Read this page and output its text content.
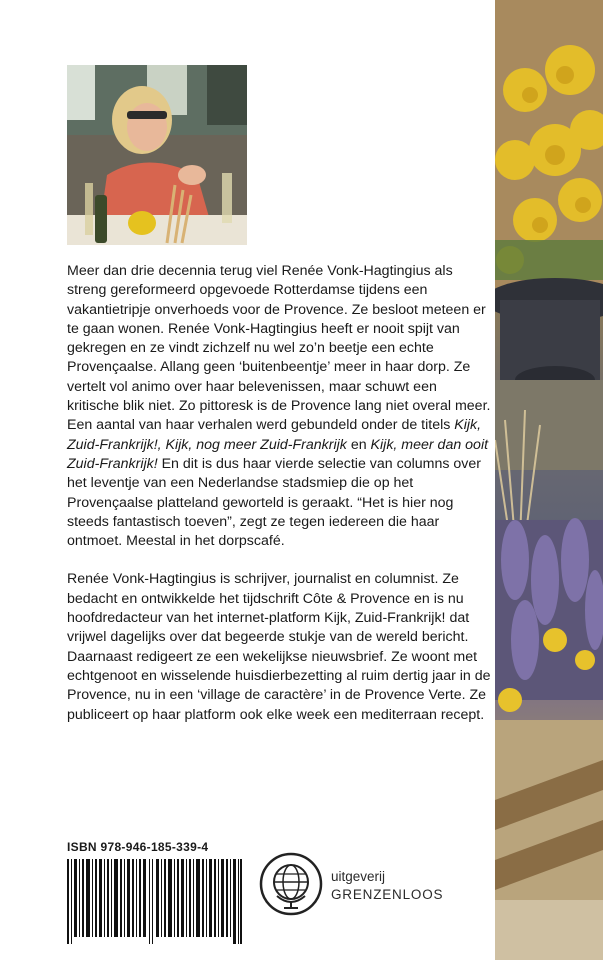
Meer dan drie decennia terug viel Renée Vonk-Hagtingius als streng gereformeerd opgevoede Rotterdamse tijdens een vakantietripje onverhoeds voor de Provence. Ze besloot meteen er te gaan wonen. Renée Vonk-Hagtingius heeft er nooit spijt van gekregen en ze vindt zichzelf nu wel zo’n beetje een echte Provençaalse. Allang geen ‘buitenbeentje’ meer in haar dorp. Ze vertelt vol animo over haar belevenissen, maar schuwt een kritische blik niet. Zo pittoresk is de Provence lang niet overal meer. Een aantal van haar verhalen werd gebundeld onder de titels Kijk, Zuid-Frankrijk!, Kijk, nog meer Zuid-Frankrijk en Kijk, meer dan ooit Zuid-Frankrijk! En dit is dus haar vierde selectie van columns over het leventje van een Nederlandse stadsmiep die op het Provençaalse platteland geworteld is geraakt. “Het is hier nog steeds fantastisch toeven”, zegt ze tegen iedereen die haar ontmoet. Meestal in het dorpscafé.

Renée Vonk-Hagtingius is schrijver, journalist en columnist. Ze bedacht en ontwikkelde het tijdschrift Côte & Provence en is nu hoofdredacteur van het internet-platform Kijk, Zuid-Frankrijk! dat vrijwel dagelijks over dat begeerde stukje van de wereld bericht. Daarnaast redigeert ze een wekelijkse nieuwsbrief. Ze woont met echtgenoot en wisselende huisdierbezetting al ruim dertig jaar in de Provence, nu in een ‘village de caractère’ in de Provence Verte. Ze publiceert op haar platform ook elke week een mediterraan recept.

ISBN 978-946-185-339-4
uitgeverij
GRENZENLOOS
